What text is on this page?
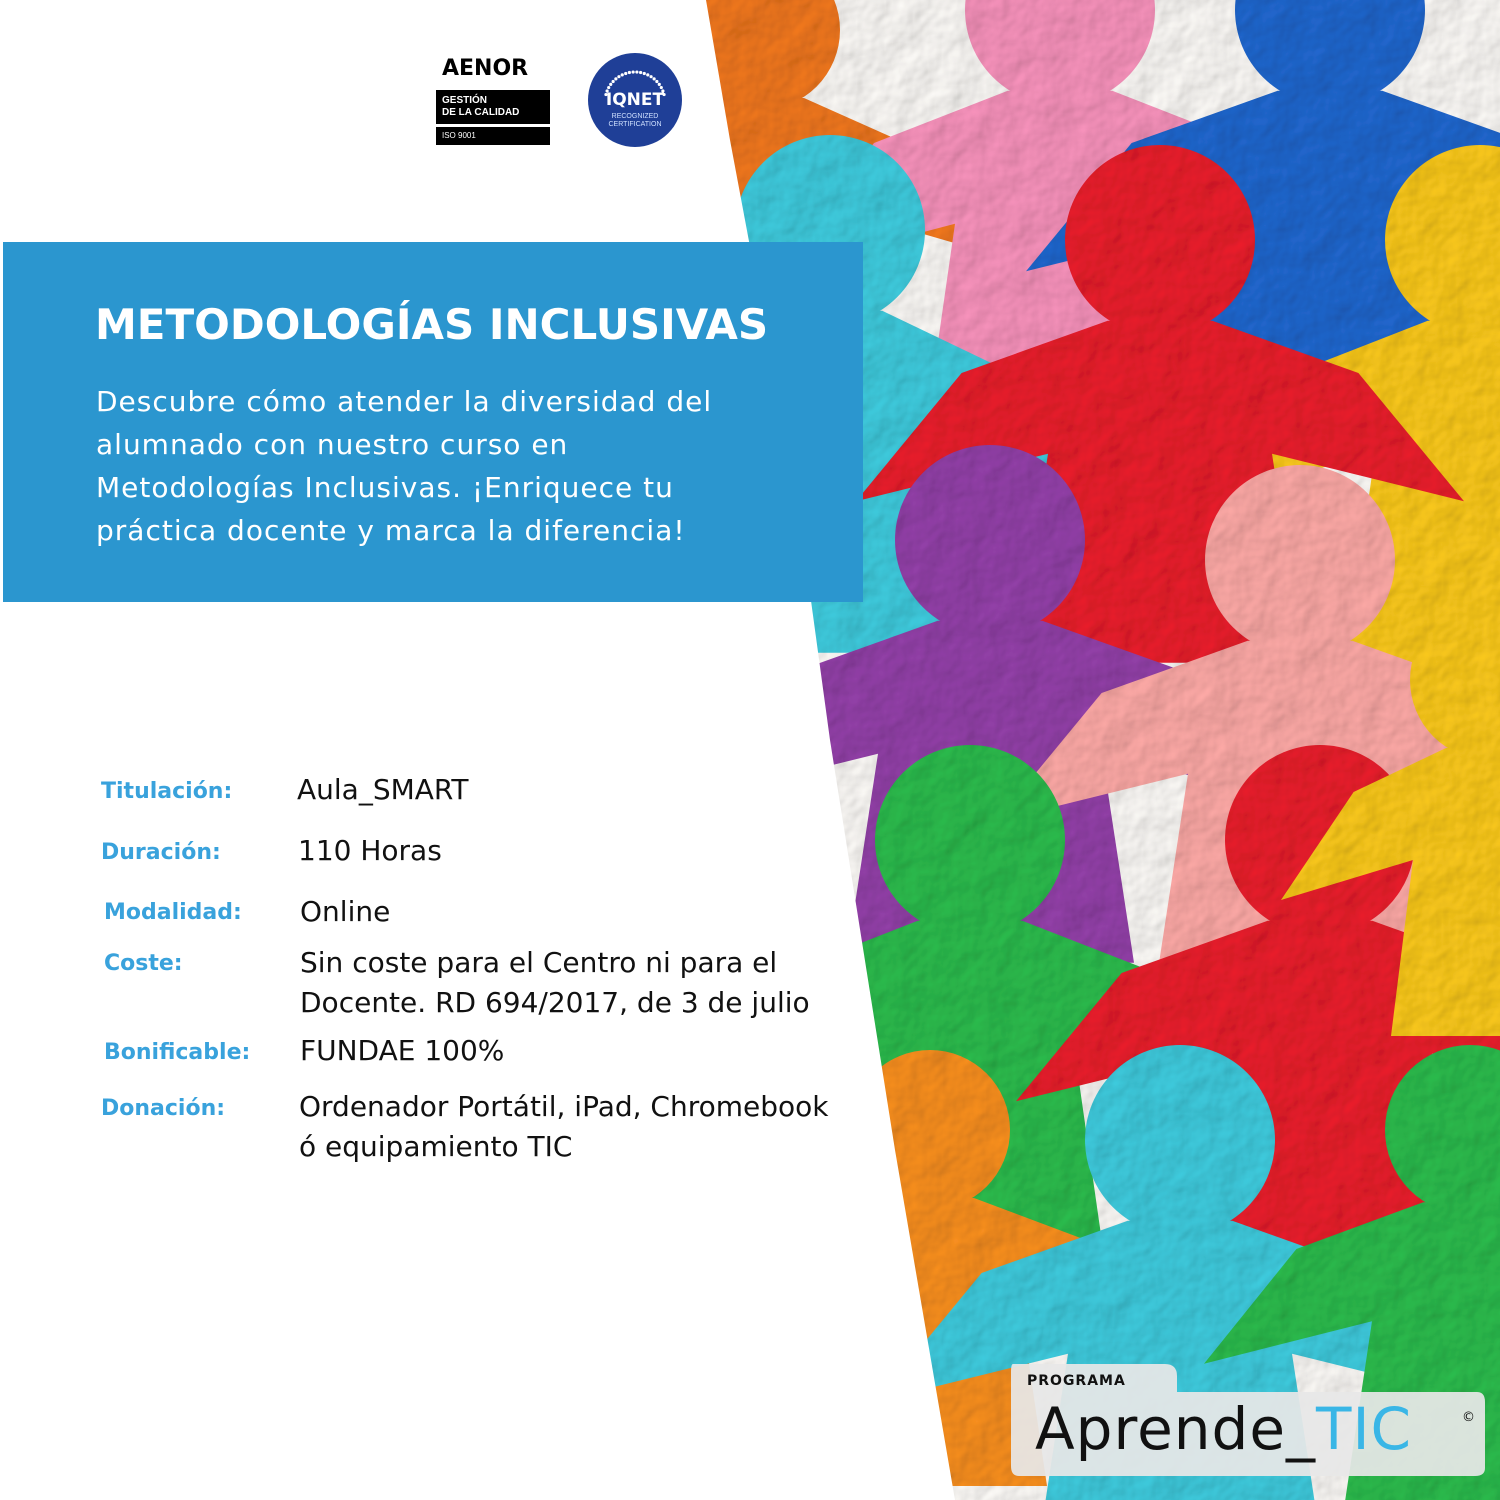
AENOR
GESTIÓN
DE LA CALIDAD
ISO 9001
IQNET
RECOGNIZED
CERTIFICATION
METODOLOGÍAS INCLUSIVAS
Descubre cómo atender la diversidad del
alumnado con nuestro curso en
Metodologías Inclusivas. ¡Enriquece tu
práctica docente y marca la diferencia!
Titulación: Aula_SMART
Duración:	110 Horas
Modalidad: Online
Coste:	Sin coste para el Centro ni para el
Docente. RD 694/2017, de 3 de julio
Bonificable: FUNDAE 100%
Donación:	Ordenador Portátil, iPad, Chromebook
ó equipamiento TIC
PROGRAMA
Aprende_TIC	©
